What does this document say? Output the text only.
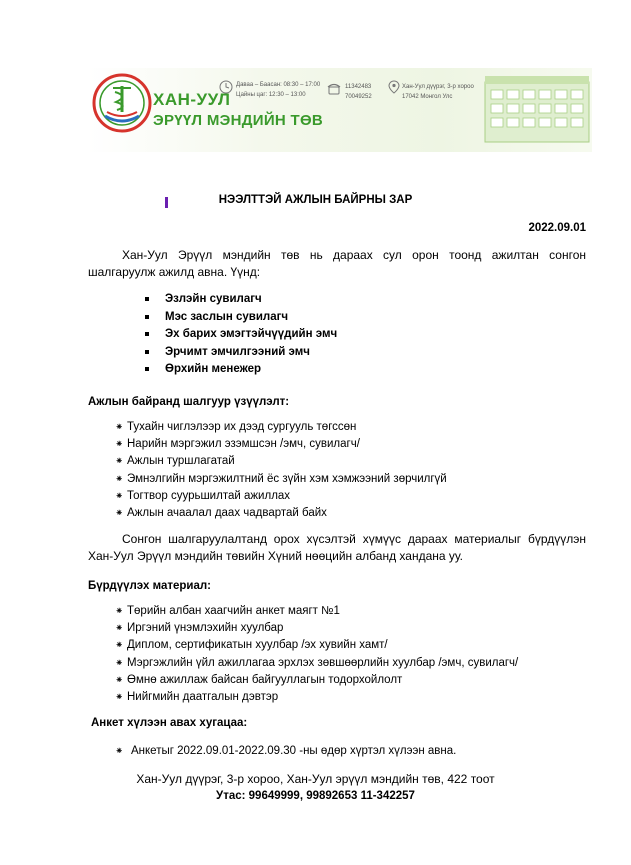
ХАН-УУЛ
ЭРҮҮЛ МЭНДИЙН ТӨВ
Даваа – Баасан: 08:30 – 17:00
Цайны цаг: 12:30 – 13:00
11342483
70049252
Хан-Уул дүүрэг, 3-р хороо
17042 Монгол Улс
НЭЭЛТТЭЙ АЖЛЫН БАЙРНЫ ЗАР
2022.09.01
Хан-Уул Эрүүл мэндийн төв нь дараах сул орон тоонд ажилтан сонгон шалгаруулж ажилд авна. Үүнд:
Эзлэйн сувилагч
Мэс заслын сувилагч
Эх барих эмэгтэйчүүдийн эмч
Эрчимт эмчилгээний эмч
Өрхийн менежер
Ажлын байранд шалгуур үзүүлэлт:
⁕ Тухайн чиглэлээр их дээд сургууль төгссөн
⁕ Нарийн мэргэжил эзэмшсэн /эмч, сувилагч/
⁕ Ажлын туршлагатай
⁕ Эмнэлгийн мэргэжилтний ёс зүйн хэм хэмжээний зөрчилгүй
⁕ Тогтвор суурьшилтай ажиллах
⁕ Ажлын ачаалал даах чадвартай байх
Сонгон шалгаруулалтанд орох хүсэлтэй хүмүүс дараах материалыг бүрдүүлэн Хан-Уул Эрүүл мэндийн төвийн Хүний нөөцийн албанд хандана уу.
Бүрдүүлэх материал:
⁕ Төрийн албан хаагчийн анкет маягт №1
⁕ Иргэний үнэмлэхийн хуулбар
⁕ Диплом, сертификатын хуулбар /эх хувийн хамт/
⁕ Мэргэжлийн үйл ажиллагаа эрхлэх зөвшөөрлийн хуулбар /эмч, сувилагч/
⁕ Өмнө ажиллаж байсан байгууллагын тодорхойлолт
⁕ Нийгмийн даатгалын дэвтэр
Анкет хүлээн авах хугацаа:
⁕ Анкетыг 2022.09.01-2022.09.30 -ны өдөр хүртэл хүлээн авна.
Хан-Уул дүүрэг, 3-р хороо, Хан-Уул эрүүл мэндийн төв, 422 тоот
Утас: 99649999, 99892653 11-342257
